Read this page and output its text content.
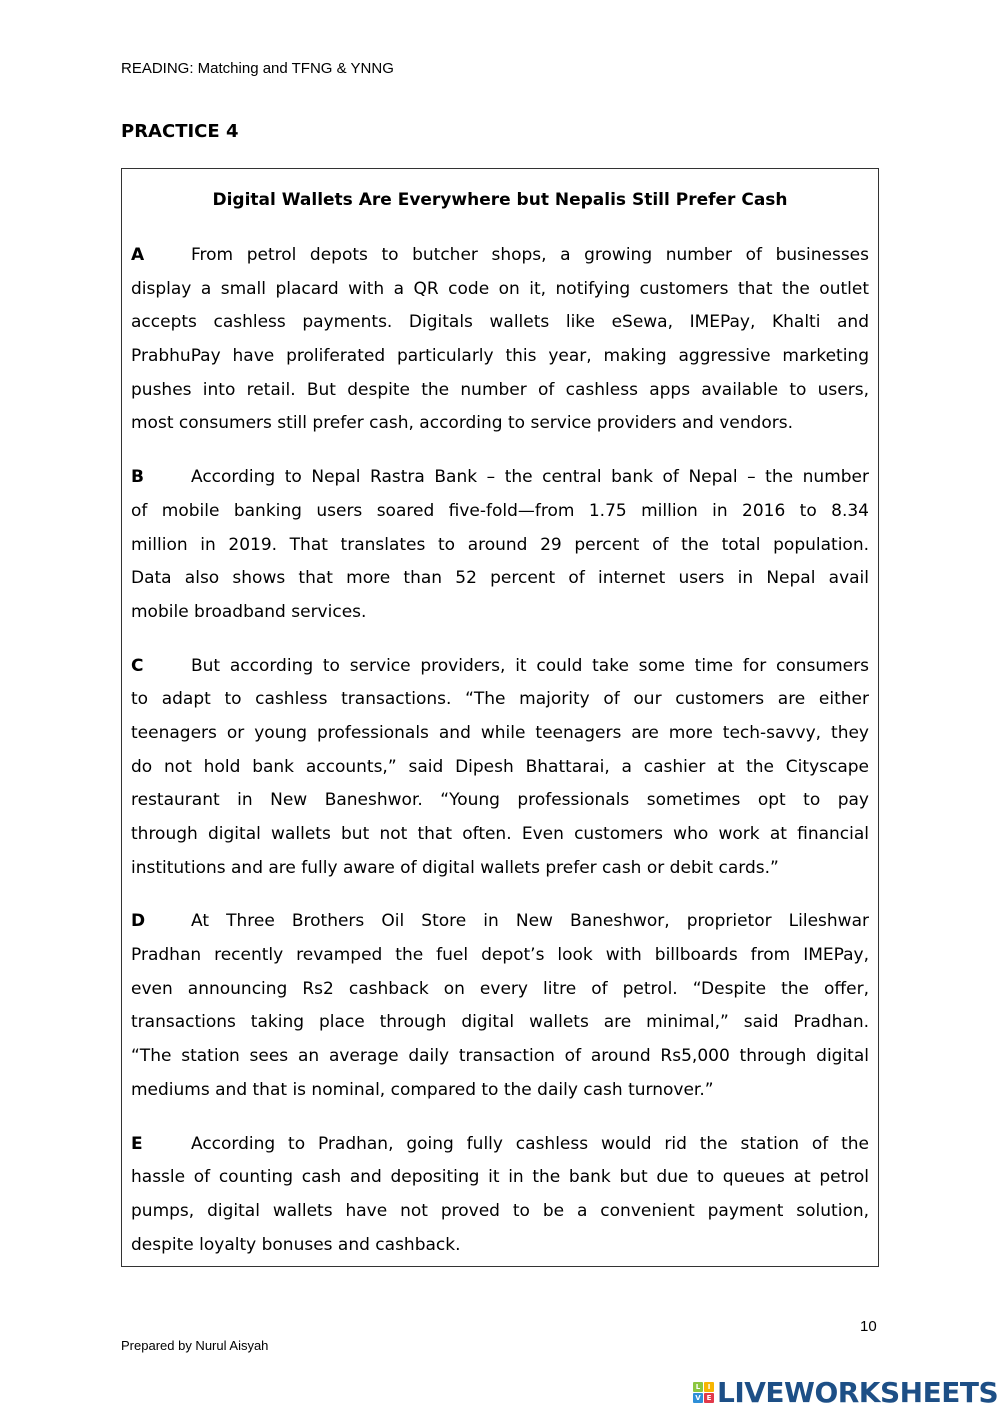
READING: Matching and TFNG & YNNG
PRACTICE 4
Digital Wallets Are Everywhere but Nepalis Still Prefer Cash
A	From petrol depots to butcher shops, a growing number of businesses
display a small placard with a QR code on it, notifying customers that the outlet
accepts cashless payments. Digitals wallets like eSewa, IMEPay, Khalti and
PrabhuPay have proliferated particularly this year, making aggressive marketing
pushes into retail. But despite the number of cashless apps available to users,
most consumers still prefer cash, according to service providers and vendors.
B	According to Nepal Rastra Bank – the central bank of Nepal – the number
of mobile banking users soared five-fold—from 1.75 million in 2016 to 8.34
million in 2019. That translates to around 29 percent of the total population.
Data also shows that more than 52 percent of internet users in Nepal avail
mobile broadband services.
C	But according to service providers, it could take some time for consumers
to adapt to cashless transactions. “The majority of our customers are either
teenagers or young professionals and while teenagers are more tech-savvy, they
do not hold bank accounts,” said Dipesh Bhattarai, a cashier at the Cityscape
restaurant in New Baneshwor. “Young professionals sometimes opt to pay
through digital wallets but not that often. Even customers who work at financial
institutions and are fully aware of digital wallets prefer cash or debit cards.”
D	At Three Brothers Oil Store in New Baneshwor, proprietor Lileshwar
Pradhan recently revamped the fuel depot’s look with billboards from IMEPay,
even announcing Rs2 cashback on every litre of petrol. “Despite the offer,
transactions taking place through digital wallets are minimal,” said Pradhan.
“The station sees an average daily transaction of around Rs5,000 through digital
mediums and that is nominal, compared to the daily cash turnover.”
E	According to Pradhan, going fully cashless would rid the station of the
hassle of counting cash and depositing it in the bank but due to queues at petrol
pumps, digital wallets have not proved to be a convenient payment solution,
despite loyalty bonuses and cashback.
10
Prepared by Nurul Aisyah
L	I
V E LIVEWORKSHEETS
